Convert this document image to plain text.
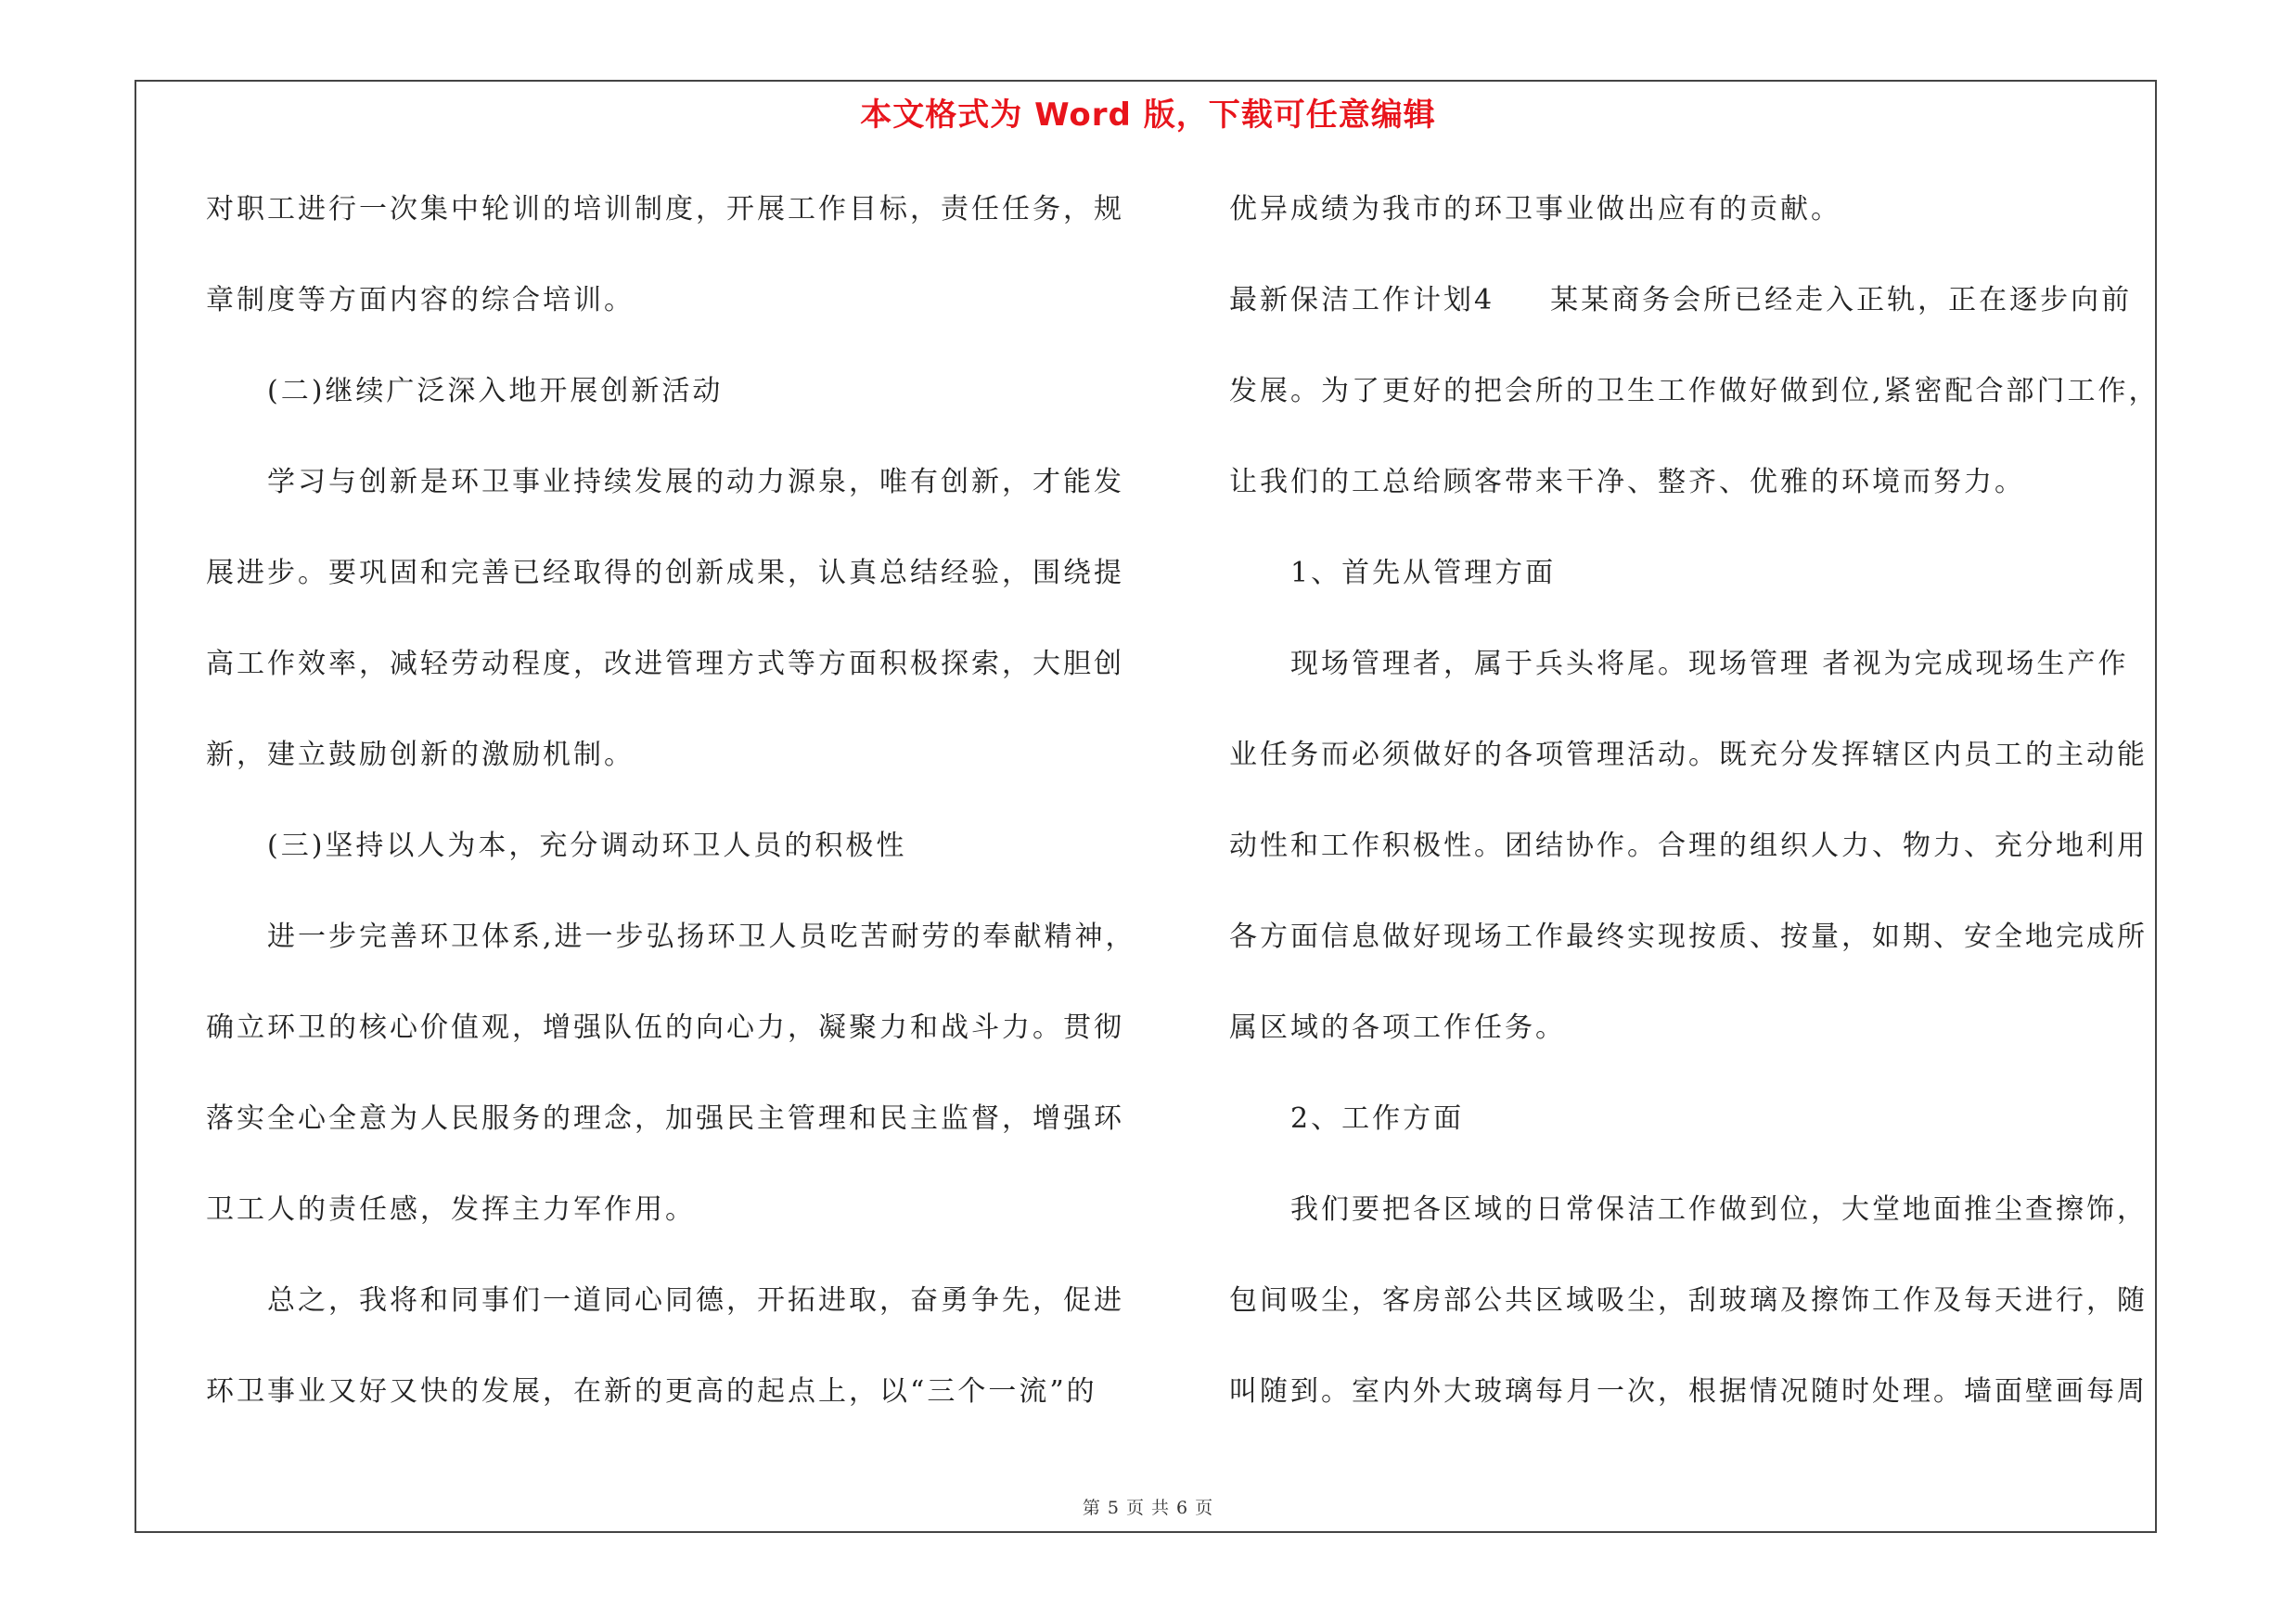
本文格式为 Word 版，下载可任意编辑
对职工进行一次集中轮训的培训制度，开展工作目标，责任任务，规
章制度等方面内容的综合培训。
(二)继续广泛深入地开展创新活动
学习与创新是环卫事业持续发展的动力源泉，唯有创新，才能发
展进步。要巩固和完善已经取得的创新成果，认真总结经验，围绕提
高工作效率，减轻劳动程度，改进管理方式等方面积极探索，大胆创
新，建立鼓励创新的激励机制。
(三)坚持以人为本，充分调动环卫人员的积极性
进一步完善环卫体系,进一步弘扬环卫人员吃苦耐劳的奉献精神，
确立环卫的核心价值观，增强队伍的向心力，凝聚力和战斗力。贯彻
落实全心全意为人民服务的理念，加强民主管理和民主监督，增强环
卫工人的责任感，发挥主力军作用。
总之，我将和同事们一道同心同德，开拓进取，奋勇争先，促进
环卫事业又好又快的发展，在新的更高的起点上，以“三个一流”的
优异成绩为我市的环卫事业做出应有的贡献。
最新保洁工作计划4 某某商务会所已经走入正轨，正在逐步向前
发展。为了更好的把会所的卫生工作做好做到位,紧密配合部门工作，
让我们的工总给顾客带来干净、整齐、优雅的环境而努力。
1、首先从管理方面
现场管理者，属于兵头将尾。现场管理 者视为完成现场生产作
业任务而必须做好的各项管理活动。既充分发挥辖区内员工的主动能
动性和工作积极性。团结协作。合理的组织人力、物力、充分地利用
各方面信息做好现场工作最终实现按质、按量，如期、安全地完成所
属区域的各项工作任务。
2、工作方面
我们要把各区域的日常保洁工作做到位，大堂地面推尘查擦饰，
包间吸尘，客房部公共区域吸尘，刮玻璃及擦饰工作及每天进行，随
叫随到。室内外大玻璃每月一次，根据情况随时处理。墙面壁画每周
第 5 页 共 6 页
